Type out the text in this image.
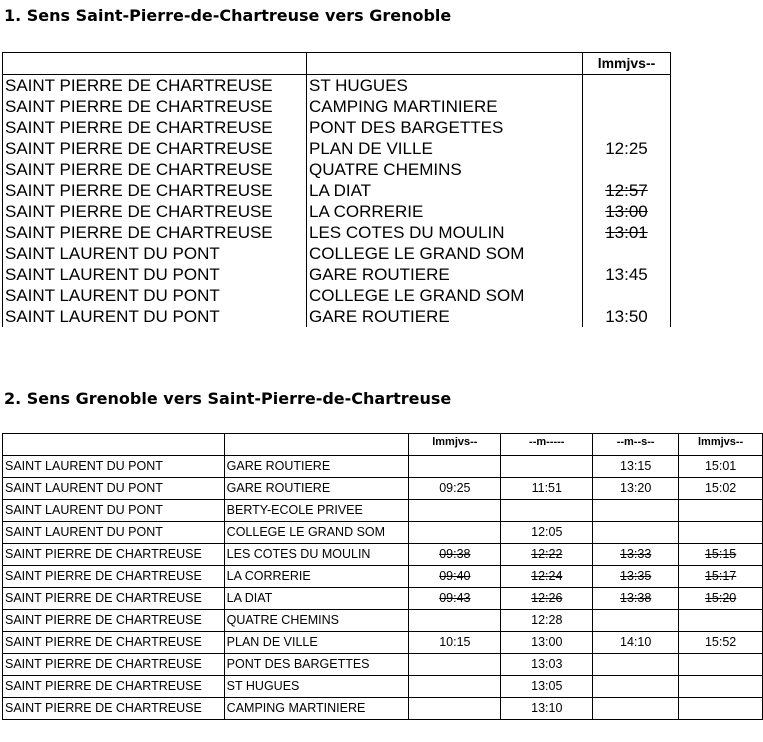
1. Sens Saint-Pierre-de-Chartreuse vers Grenoble
		lmmjvs--
SAINT PIERRE DE CHARTREUSE	ST HUGUES	
SAINT PIERRE DE CHARTREUSE	CAMPING MARTINIERE	
SAINT PIERRE DE CHARTREUSE	PONT DES BARGETTES	
SAINT PIERRE DE CHARTREUSE	PLAN DE VILLE	12:25
SAINT PIERRE DE CHARTREUSE	QUATRE CHEMINS	
SAINT PIERRE DE CHARTREUSE	LA DIAT	12:57
SAINT PIERRE DE CHARTREUSE	LA CORRERIE	13:00
SAINT PIERRE DE CHARTREUSE	LES COTES DU MOULIN	13:01
SAINT LAURENT DU PONT	COLLEGE LE GRAND SOM	
SAINT LAURENT DU PONT	GARE ROUTIERE	13:45
SAINT LAURENT DU PONT	COLLEGE LE GRAND SOM	
SAINT LAURENT DU PONT	GARE ROUTIERE	13:50
2. Sens Grenoble vers Saint-Pierre-de-Chartreuse
		lmmjvs--	--m-----	--m--s--	lmmjvs--
SAINT LAURENT DU PONT	GARE ROUTIERE			13:15	15:01
SAINT LAURENT DU PONT	GARE ROUTIERE	09:25	11:51	13:20	15:02
SAINT LAURENT DU PONT	BERTY-ECOLE PRIVEE				
SAINT LAURENT DU PONT	COLLEGE LE GRAND SOM		12:05		
SAINT PIERRE DE CHARTREUSE	LES COTES DU MOULIN	09:38	12:22	13:33	15:15
SAINT PIERRE DE CHARTREUSE	LA CORRERIE	09:40	12:24	13:35	15:17
SAINT PIERRE DE CHARTREUSE	LA DIAT	09:43	12:26	13:38	15:20
SAINT PIERRE DE CHARTREUSE	QUATRE CHEMINS		12:28		
SAINT PIERRE DE CHARTREUSE	PLAN DE VILLE	10:15	13:00	14:10	15:52
SAINT PIERRE DE CHARTREUSE	PONT DES BARGETTES		13:03		
SAINT PIERRE DE CHARTREUSE	ST HUGUES		13:05		
SAINT PIERRE DE CHARTREUSE	CAMPING MARTINIERE		13:10		
